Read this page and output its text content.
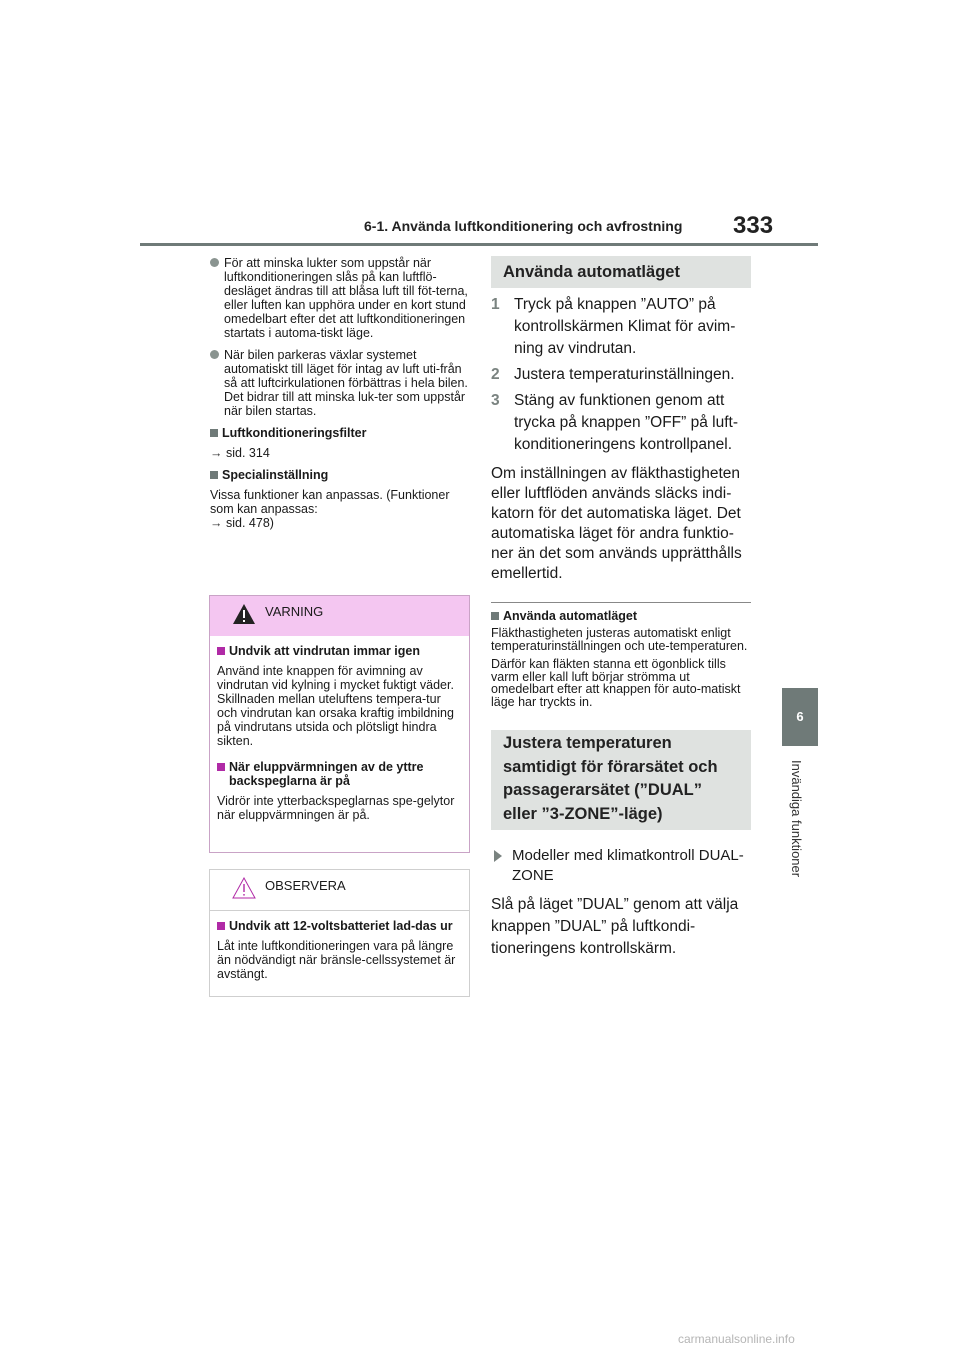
6-1. Använda luftkonditionering och avfrostning 333
6
Invändiga funktioner
För att minska lukter som uppstår när luftkonditioneringen slås på kan luftflö-desläget ändras till att blåsa luft till föt-terna, eller luften kan upphöra under en kort stund omedelbart efter det att luftkonditioneringen startats i automa-tiskt läge.
När bilen parkeras växlar systemet automatiskt till läget för intag av luft uti-från så att luftcirkulationen förbättras i hela bilen. Det bidrar till att minska luk-ter som uppstår när bilen startas.
Luftkonditioneringsfilter
→ sid. 314
Specialinställning
Vissa funktioner kan anpassas. (Funktioner som kan anpassas:
→ sid. 478)
VARNING
Undvik att vindrutan immar igen

Använd inte knappen för avimning av vindrutan vid kylning i mycket fuktigt väder.
Skillnaden mellan uteluftens tempera-tur och vindrutan kan orsaka kraftig imbildning på vindrutans utsida och plötsligt hindra sikten.

När eluppvärmningen av de yttre backspeglarna är på

Vidrör inte ytterbackspeglarnas spe-gelytor när eluppvärmningen är på.

OBSERVERA
Undvik att 12-voltsbatteriet lad-das ur

Låt inte luftkonditioneringen vara på längre än nödvändigt när bränsle-cellssystemet är avstängt.

Använda automatläget
1 Tryck på knappen ”AUTO” på kontrollskärmen Klimat för avim-ning av vindrutan.
2 Justera temperaturinställningen.
3 Stäng av funktionen genom att trycka på knappen ”OFF” på luft-konditioneringens kontrollpanel.
Om inställningen av fläkthastigheten eller luftflöden används släcks indi-katorn för det automatiska läget. Det automatiska läget för andra funktio-ner än det som används upprätthålls emellertid.
Använda automatläget
Fläkthastigheten justeras automatiskt enligt temperaturinställningen och ute-temperaturen.
Därför kan fläkten stanna ett ögonblick tills varm eller kall luft börjar strömma ut omedelbart efter att knappen för auto-matiskt läge har tryckts in.
Justera temperaturen
samtidigt för förarsätet och
passagerarsätet (”DUAL”
eller ”3-ZONE”-läge)
Modeller med klimatkontroll DUAL-ZONE
Slå på läget ”DUAL” genom att välja knappen ”DUAL” på luftkondi-tioneringens kontrollskärm.
carmanualsonline.info
